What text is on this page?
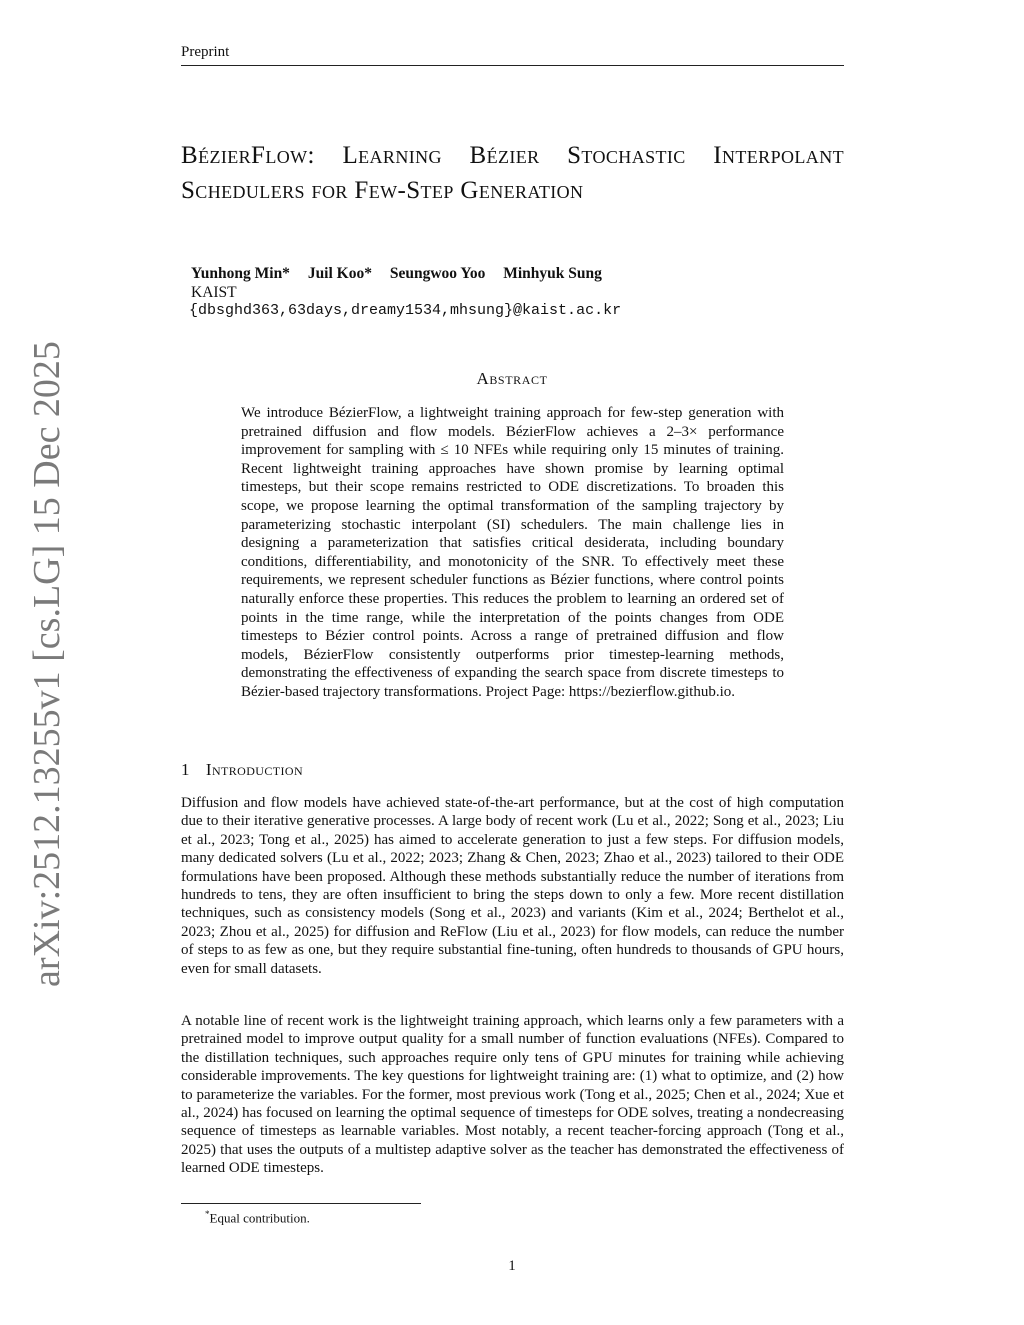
Preprint
arXiv:2512.13255v1 [cs.LG] 15 Dec 2025
BézierFlow: Learning Bézier Stochastic Interpolant Schedulers for Few-Step Generation
Yunhong Min* Juil Koo* Seungwoo Yoo Minhyuk Sung
KAIST
{dbsghd363,63days,dreamy1534,mhsung}@kaist.ac.kr
Abstract
We introduce BézierFlow, a lightweight training approach for few-step generation with pretrained diffusion and flow models. BézierFlow achieves a 2–3× performance improvement for sampling with ≤ 10 NFEs while requiring only 15 minutes of training. Recent lightweight training approaches have shown promise by learning optimal timesteps, but their scope remains restricted to ODE discretizations. To broaden this scope, we propose learning the optimal transformation of the sampling trajectory by parameterizing stochastic interpolant (SI) schedulers. The main challenge lies in designing a parameterization that satisfies critical desiderata, including boundary conditions, differentiability, and monotonicity of the SNR. To effectively meet these requirements, we represent scheduler functions as Bézier functions, where control points naturally enforce these properties. This reduces the problem to learning an ordered set of points in the time range, while the interpretation of the points changes from ODE timesteps to Bézier control points. Across a range of pretrained diffusion and flow models, BézierFlow consistently outperforms prior timestep-learning methods, demonstrating the effectiveness of expanding the search space from discrete timesteps to Bézier-based trajectory transformations. Project Page: https://bezierflow.github.io.
1 Introduction
Diffusion and flow models have achieved state-of-the-art performance, but at the cost of high computation due to their iterative generative processes. A large body of recent work (Lu et al., 2022; Song et al., 2023; Liu et al., 2023; Tong et al., 2025) has aimed to accelerate generation to just a few steps. For diffusion models, many dedicated solvers (Lu et al., 2022; 2023; Zhang & Chen, 2023; Zhao et al., 2023) tailored to their ODE formulations have been proposed. Although these methods substantially reduce the number of iterations from hundreds to tens, they are often insufficient to bring the steps down to only a few. More recent distillation techniques, such as consistency models (Song et al., 2023) and variants (Kim et al., 2024; Berthelot et al., 2023; Zhou et al., 2025) for diffusion and ReFlow (Liu et al., 2023) for flow models, can reduce the number of steps to as few as one, but they require substantial fine-tuning, often hundreds to thousands of GPU hours, even for small datasets.
A notable line of recent work is the lightweight training approach, which learns only a few parameters with a pretrained model to improve output quality for a small number of function evaluations (NFEs). Compared to the distillation techniques, such approaches require only tens of GPU minutes for training while achieving considerable improvements. The key questions for lightweight training are: (1) what to optimize, and (2) how to parameterize the variables. For the former, most previous work (Tong et al., 2025; Chen et al., 2024; Xue et al., 2024) has focused on learning the optimal sequence of timesteps for ODE solves, treating a nondecreasing sequence of timesteps as learnable variables. Most notably, a recent teacher-forcing approach (Tong et al., 2025) that uses the outputs of a multistep adaptive solver as the teacher has demonstrated the effectiveness of learned ODE timesteps.
*Equal contribution.
1
